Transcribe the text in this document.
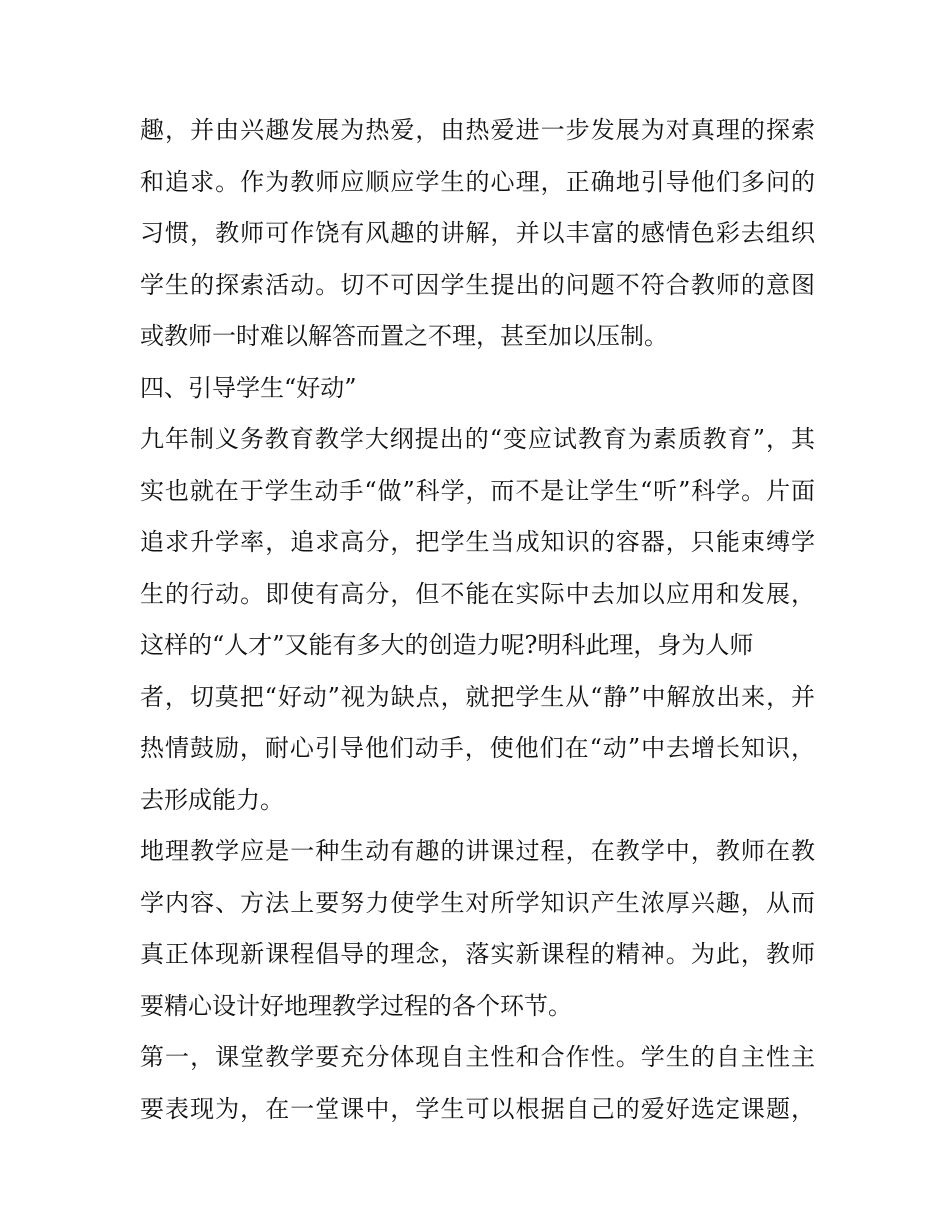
趣，并由兴趣发展为热爱，由热爱进一步发展为对真理的探索
和追求。作为教师应顺应学生的心理，正确地引导他们多问的
习惯，教师可作饶有风趣的讲解，并以丰富的感情色彩去组织
学生的探索活动。切不可因学生提出的问题不符合教师的意图
或教师一时难以解答而置之不理，甚至加以压制。
四、引导学生“好动”
九年制义务教育教学大纲提出的“变应试教育为素质教育”，其
实也就在于学生动手“做”科学，而不是让学生“听”科学。片面
追求升学率，追求高分，把学生当成知识的容器，只能束缚学
生的行动。即使有高分，但不能在实际中去加以应用和发展，
这样的“人才”又能有多大的创造力呢?明科此理，身为人师
者，切莫把“好动”视为缺点，就把学生从“静”中解放出来，并
热情鼓励，耐心引导他们动手，使他们在“动”中去增长知识，
去形成能力。
地理教学应是一种生动有趣的讲课过程，在教学中，教师在教
学内容、方法上要努力使学生对所学知识产生浓厚兴趣，从而
真正体现新课程倡导的理念，落实新课程的精神。为此，教师
要精心设计好地理教学过程的各个环节。
第一，课堂教学要充分体现自主性和合作性。学生的自主性主
要表现为，在一堂课中，学生可以根据自己的爱好选定课题，
